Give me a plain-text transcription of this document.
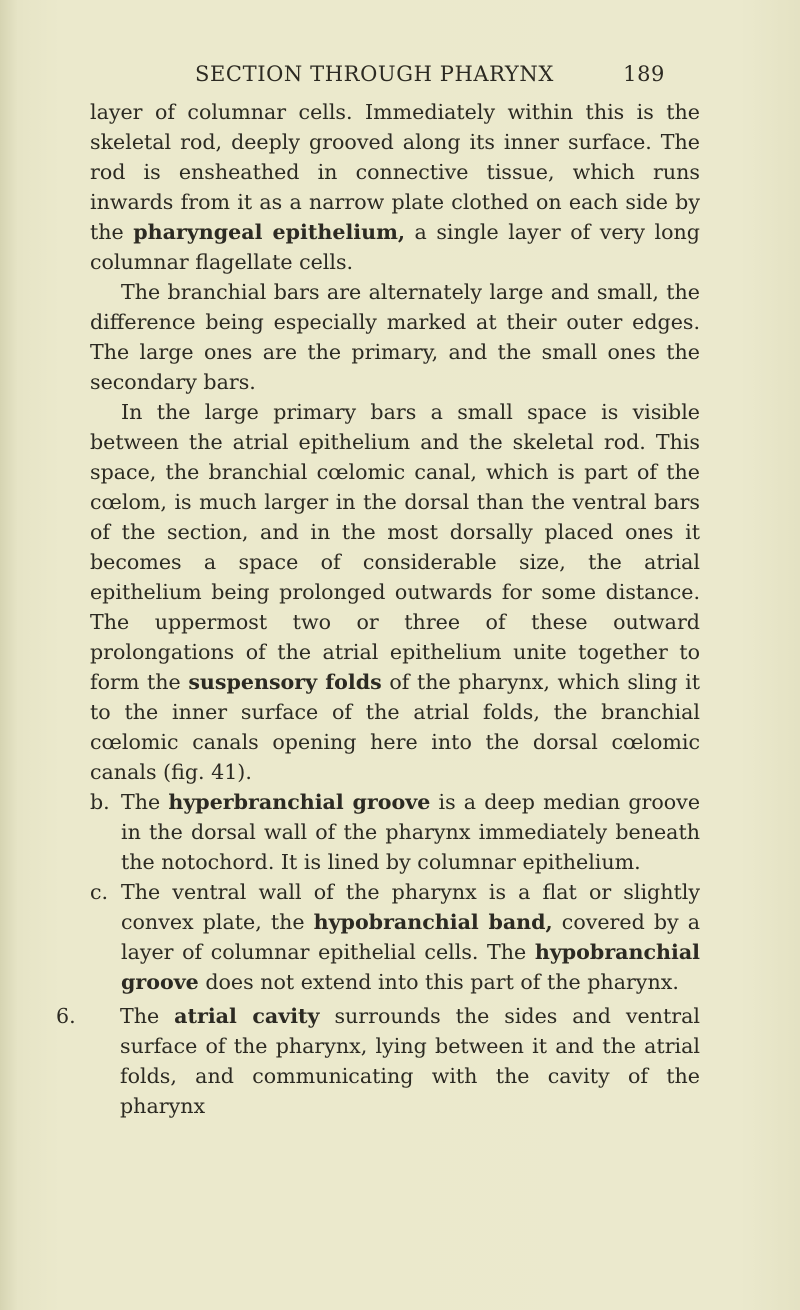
SECTION THROUGH PHARYNX	189

layer of columnar cells. Immediately within this is the skeletal rod, deeply grooved along its inner surface. The rod is ensheathed in connective tissue, which runs inwards from it as a narrow plate clothed on each side by the pharyngeal epithelium, a single layer of very long columnar flagellate cells.

The branchial bars are alternately large and small, the difference being especially marked at their outer edges. The large ones are the primary, and the small ones the secondary bars.

In the large primary bars a small space is visible between the atrial epithelium and the skeletal rod. This space, the branchial cœlomic canal, which is part of the cœlom, is much larger in the dorsal than the ventral bars of the section, and in the most dorsally placed ones it becomes a space of considerable size, the atrial epithelium being prolonged outwards for some distance. The uppermost two or three of these outward prolongations of the atrial epithelium unite together to form the suspensory folds of the pharynx, which sling it to the inner surface of the atrial folds, the branchial cœlomic canals opening here into the dorsal cœlomic canals (fig. 41).

b. The hyperbranchial groove is a deep median groove in the dorsal wall of the pharynx immediately beneath the notochord. It is lined by columnar epithelium.

c. The ventral wall of the pharynx is a flat or slightly convex plate, the hypobranchial band, covered by a layer of columnar epithelial cells. The hypobranchial groove does not extend into this part of the pharynx.

6. The atrial cavity surrounds the sides and ventral surface of the pharynx, lying between it and the atrial folds, and communicating with the cavity of the pharynx
